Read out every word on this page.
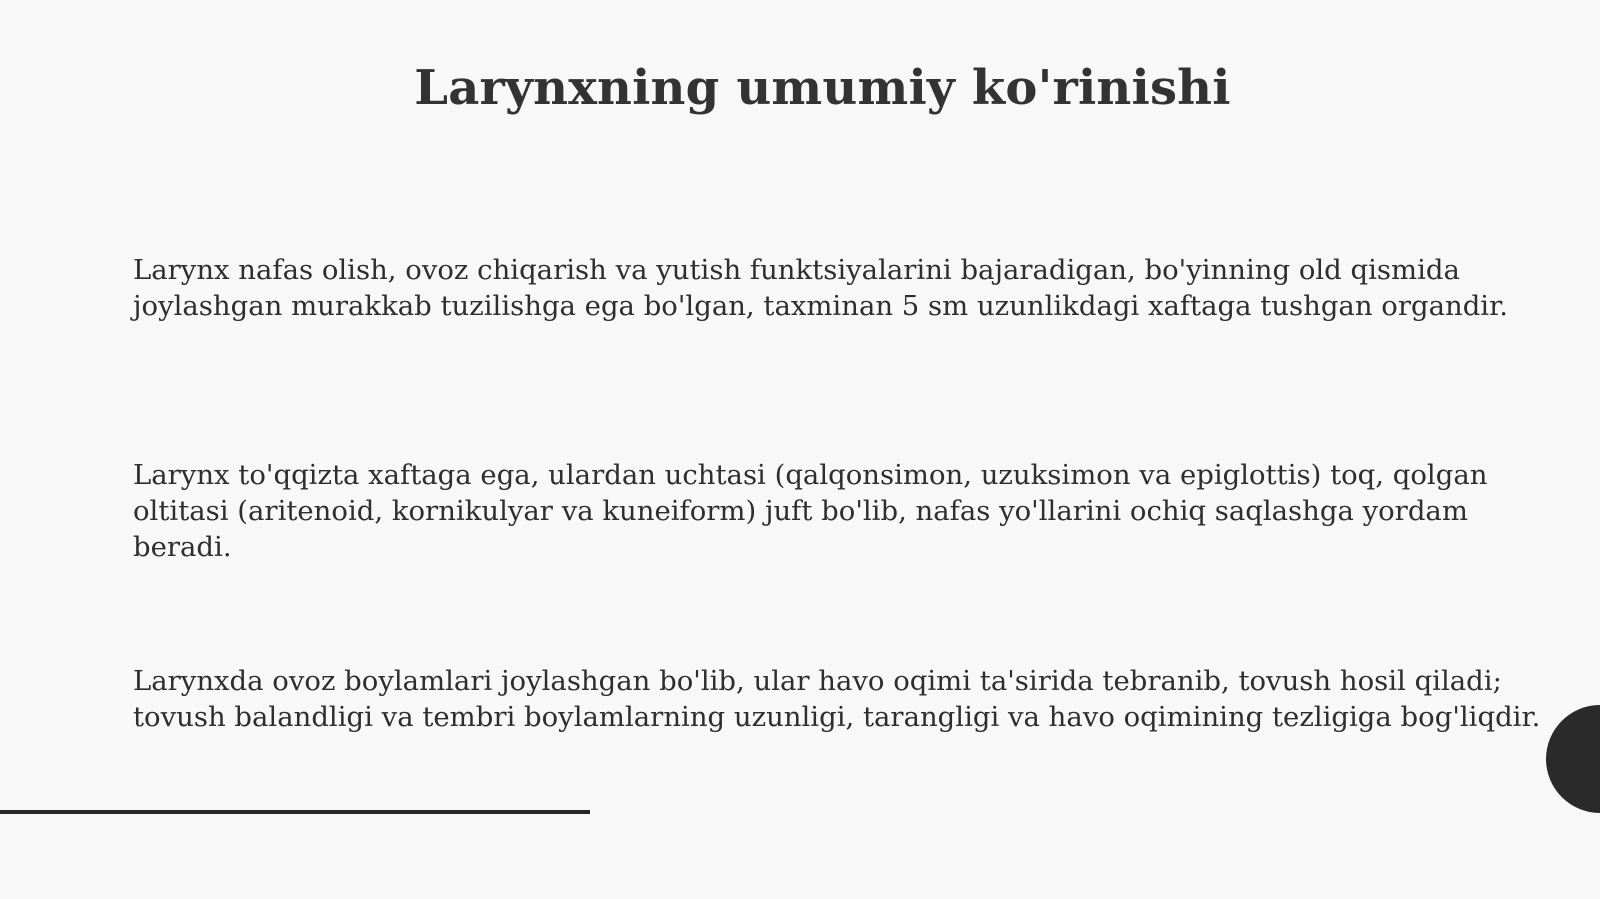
Larynxning umumiy ko'rinishi

Larynx nafas olish, ovoz chiqarish va yutish funktsiyalarini bajaradigan, bo'yinning old qismida joylashgan murakkab tuzilishga ega bo'lgan, taxminan 5 sm uzunlikdagi xaftaga tushgan organdir.

Larynx to'qqizta xaftaga ega, ulardan uchtasi (qalqonsimon, uzuksimon va epiglottis) toq, qolgan oltitasi (aritenoid, kornikulyar va kuneiform) juft bo'lib, nafas yo'llarini ochiq saqlashga yordam beradi.

Larynxda ovoz boylamlari joylashgan bo'lib, ular havo oqimi ta'sirida tebranib, tovush hosil qiladi; tovush balandligi va tembri boylamlarning uzunligi, tarangligi va havo oqimining tezligiga bog'liqdir.
